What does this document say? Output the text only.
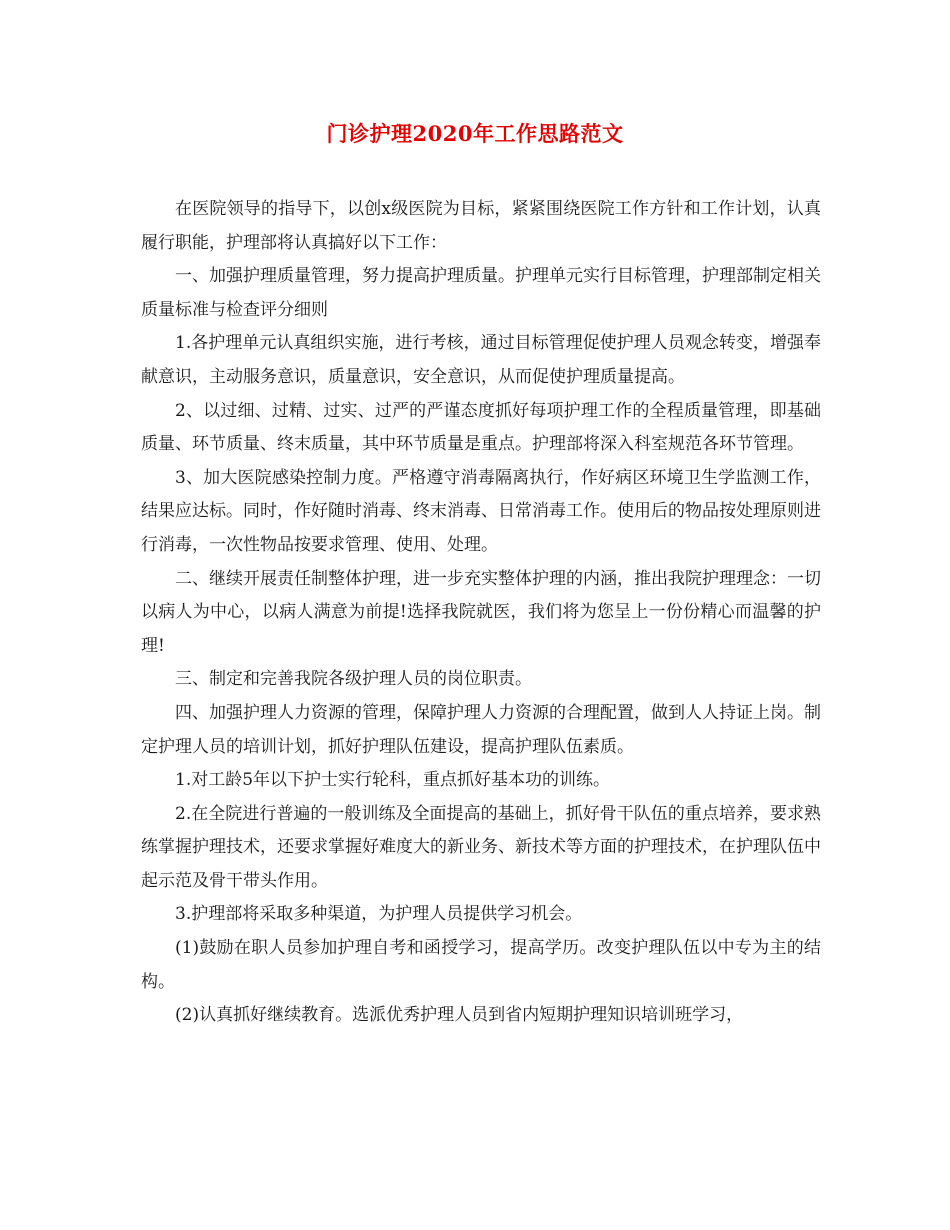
门诊护理2020年工作思路范文

在医院领导的指导下，以创x级医院为目标，紧紧围绕医院工作方针和工作计划，认真履行职能，护理部将认真搞好以下工作：

一、加强护理质量管理，努力提高护理质量。护理单元实行目标管理，护理部制定相关质量标准与检查评分细则

1.各护理单元认真组织实施，进行考核，通过目标管理促使护理人员观念转变，增强奉献意识，主动服务意识，质量意识，安全意识，从而促使护理质量提高。

2、以过细、过精、过实、过严的严谨态度抓好每项护理工作的全程质量管理，即基础质量、环节质量、终末质量，其中环节质量是重点。护理部将深入科室规范各环节管理。

3、加大医院感染控制力度。严格遵守消毒隔离执行，作好病区环境卫生学监测工作，结果应达标。同时，作好随时消毒、终末消毒、日常消毒工作。使用后的物品按处理原则进行消毒，一次性物品按要求管理、使用、处理。

二、继续开展责任制整体护理，进一步充实整体护理的内涵，推出我院护理理念：一切以病人为中心，以病人满意为前提!选择我院就医，我们将为您呈上一份份精心而温馨的护理!

三、制定和完善我院各级护理人员的岗位职责。

四、加强护理人力资源的管理，保障护理人力资源的合理配置，做到人人持证上岗。制定护理人员的培训计划，抓好护理队伍建设，提高护理队伍素质。

1.对工龄5年以下护士实行轮科，重点抓好基本功的训练。

2.在全院进行普遍的一般训练及全面提高的基础上，抓好骨干队伍的重点培养，要求熟练掌握护理技术，还要求掌握好难度大的新业务、新技术等方面的护理技术，在护理队伍中起示范及骨干带头作用。

3.护理部将采取多种渠道，为护理人员提供学习机会。

(1)鼓励在职人员参加护理自考和函授学习，提高学历。改变护理队伍以中专为主的结构。

(2)认真抓好继续教育。选派优秀护理人员到省内短期护理知识培训班学习，
